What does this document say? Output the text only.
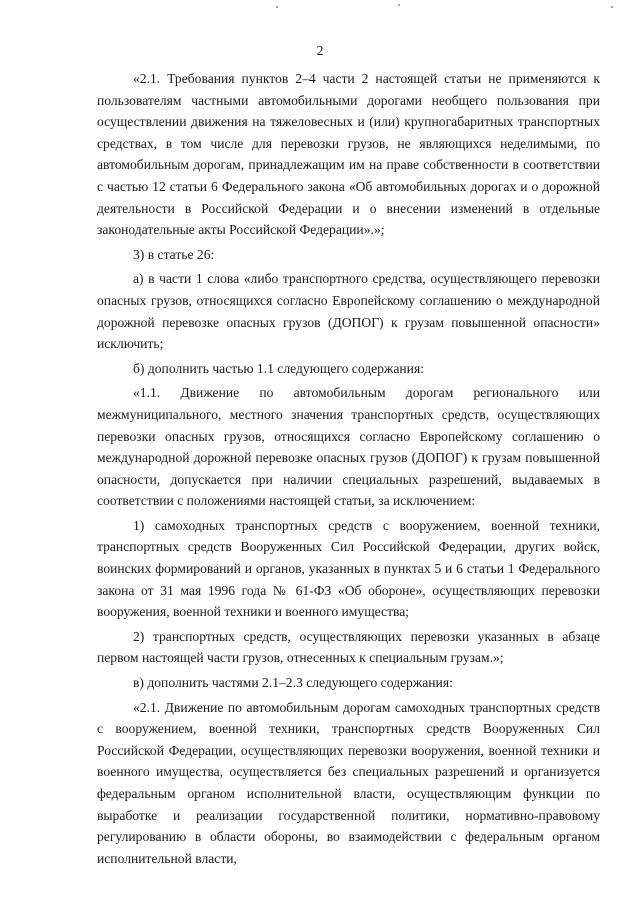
2

«2.1. Требования пунктов 2–4 части 2 настоящей статьи не применяются к пользователям частными автомобильными дорогами необщего пользования при осуществлении движения на тяжеловесных и (или) крупногабаритных транспортных средствах, в том числе для перевозки грузов, не являющихся неделимыми, по автомобильным дорогам, принадлежащим им на праве собственности в соответствии с частью 12 статьи 6 Федерального закона «Об автомобильных дорогах и о дорожной деятельности в Российской Федерации и о внесении изменений в отдельные законодательные акты Российской Федерации».»;

3) в статье 26:

а) в части 1 слова «либо транспортного средства, осуществляющего перевозки опасных грузов, относящихся согласно Европейскому соглашению о международной дорожной перевозке опасных грузов (ДОПОГ) к грузам повышенной опасности» исключить;

б) дополнить частью 1.1 следующего содержания:

«1.1. Движение по автомобильным дорогам регионального или межмуниципального, местного значения транспортных средств, осуществляющих перевозки опасных грузов, относящихся согласно Европейскому соглашению о международной дорожной перевозке опасных грузов (ДОПОГ) к грузам повышенной опасности, допускается при наличии специальных разрешений, выдаваемых в соответствии с положениями настоящей статьи, за исключением:

1) самоходных транспортных средств с вооружением, военной техники, транспортных средств Вооруженных Сил Российской Федерации, других войск, воинских формирований и органов, указанных в пунктах 5 и 6 статьи 1 Федерального закона от 31 мая 1996 года № 61-ФЗ «Об обороне», осуществляющих перевозки вооружения, военной техники и военного имущества;

2) транспортных средств, осуществляющих перевозки указанных в абзаце первом настоящей части грузов, отнесенных к специальным грузам.»;

в) дополнить частями 2.1–2.3 следующего содержания:

«2.1. Движение по автомобильным дорогам самоходных транспортных средств с вооружением, военной техники, транспортных средств Вооруженных Сил Российской Федерации, осуществляющих перевозки вооружения, военной техники и военного имущества, осуществляется без специальных разрешений и организуется федеральным органом исполнительной власти, осуществляющим функции по выработке и реализации государственной политики, нормативно-правовому регулированию в области обороны, во взаимодействии с федеральным органом исполнительной власти,
